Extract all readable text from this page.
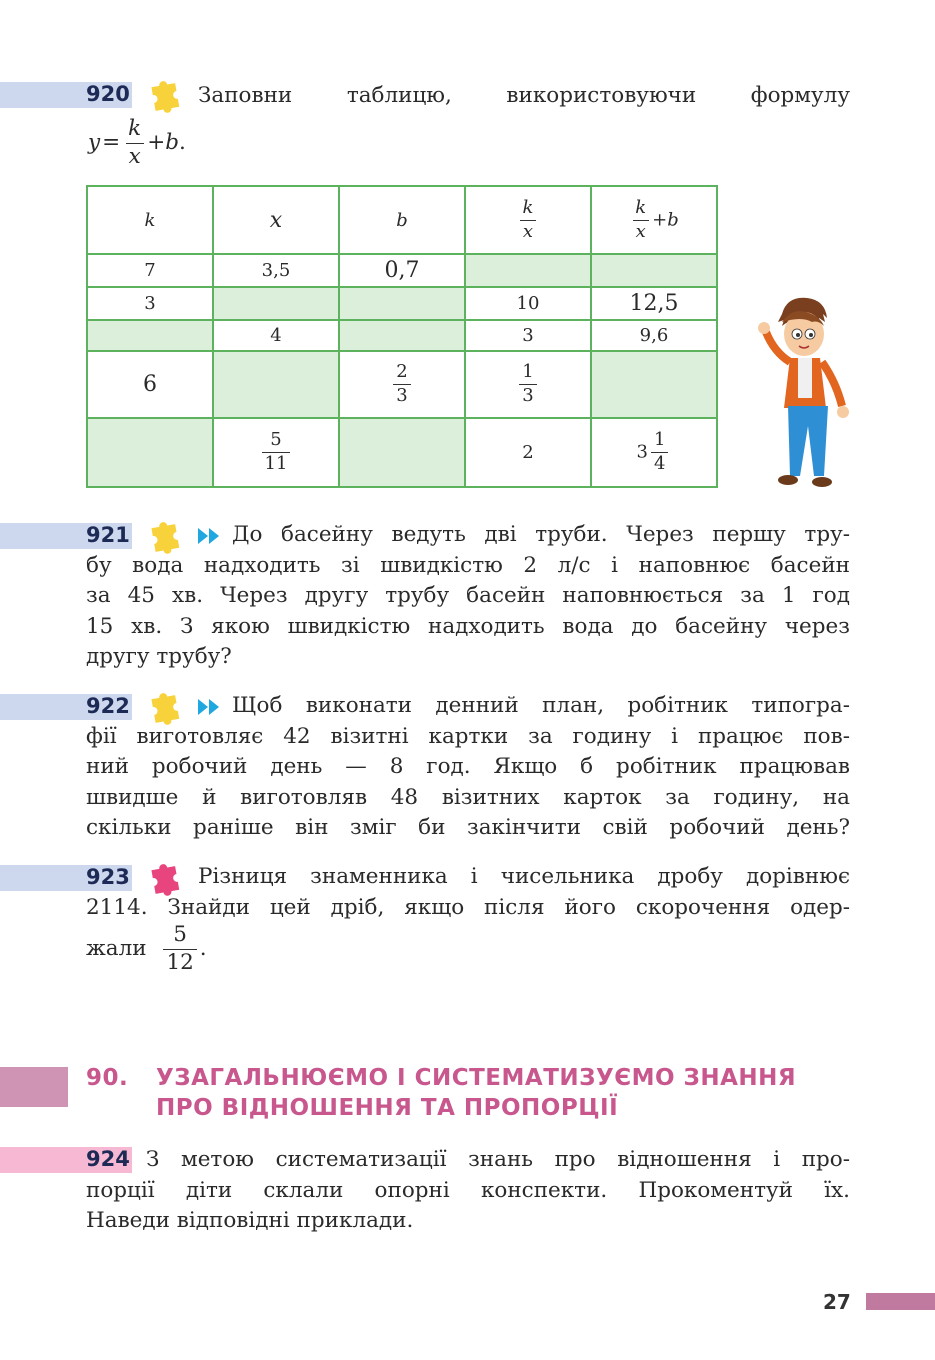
920	Заповни таблицю, використовуючи формулу
$y= \frac{k}{x} +b$.
k	x	b	$\frac{k}{x}$	$\frac{k}{x} +b$
7	3,5	0,7		
3			10	12,5
	4		3	9,6
6		$\frac{2}{3}$	$\frac{1}{3}$

	$\frac{5}{11}$		2	$3 \frac{1}{4}$
921	До басейну ведуть дві труби. Через першу тру-
бу вода надходить зі швидкістю 2 л/с і наповнює басейн
за 45 хв. Через другу трубу басейн наповнюється за 1 год
15 хв. З якою швидкістю надходить вода до басейну через
другу трубу?
922	Щоб виконати денний план, робітник типогра-
фії виготовляє 42 візитні картки за годину і працює пов-
ний робочий день — 8 год. Якщо б робітник працював
швидше й виготовляв 48 візитних карток за годину, на
скільки раніше він зміг би закінчити свій робочий день?
923	Різниця знаменника і чисельника дробу дорівнює
2114. Знайди цей дріб, якщо після його скорочення одер-
жали $\frac{5}{12}$ .
90. УЗАГАЛЬНЮЄМО І СИСТЕМАТИЗУЄМО ЗНАННЯ
ПРО ВІДНОШЕННЯ ТА ПРОПОРЦІЇ
924 З метою систематизації знань про відношення і про-
порції діти склали опорні конспекти. Прокоментуй їх.
Наведи відповідні приклади.
27
